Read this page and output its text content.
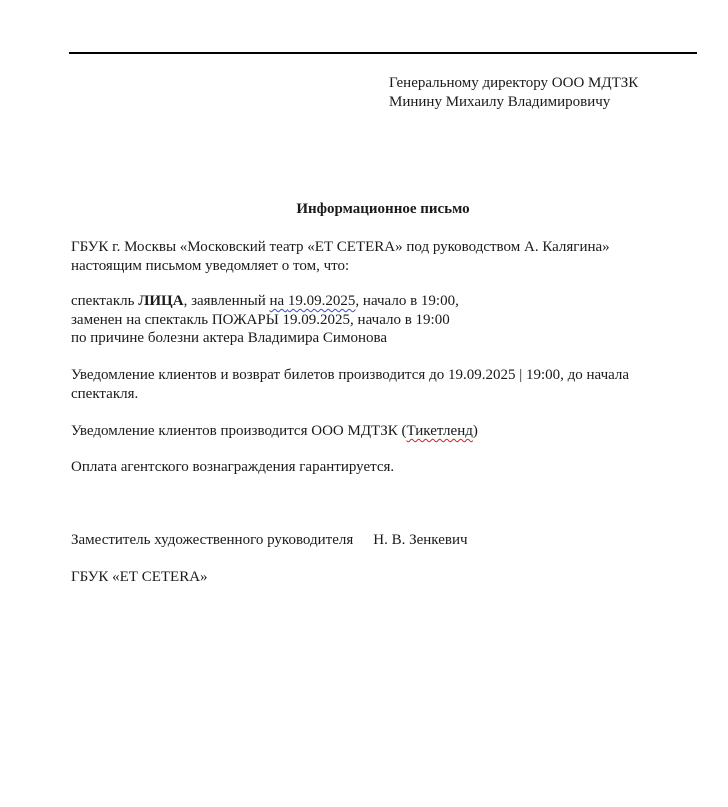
Генеральному директору ООО МДТЗК
Минину Михаилу Владимировичу
Информационное письмо
ГБУК г. Москвы «Московский театр «ЕТ CETERA» под руководством А. Калягина»
настоящим письмом уведомляет о том, что:
спектакль ЛИЦА, заявленный на 19.09.2025, начало в 19:00,
заменен на спектакль ПОЖАРЫ 19.09.2025, начало в 19:00
по причине болезни актера Владимира Симонова
Уведомление клиентов и возврат билетов производится до 19.09.2025 | 19:00, до начала спектакля.
Уведомление клиентов производится ООО МДТЗК (Тикетленд)
Оплата агентского вознаграждения гарантируется.
Заместитель художественного руководителя Н. В. Зенкевич
ГБУК «ЕТ CETERA»
